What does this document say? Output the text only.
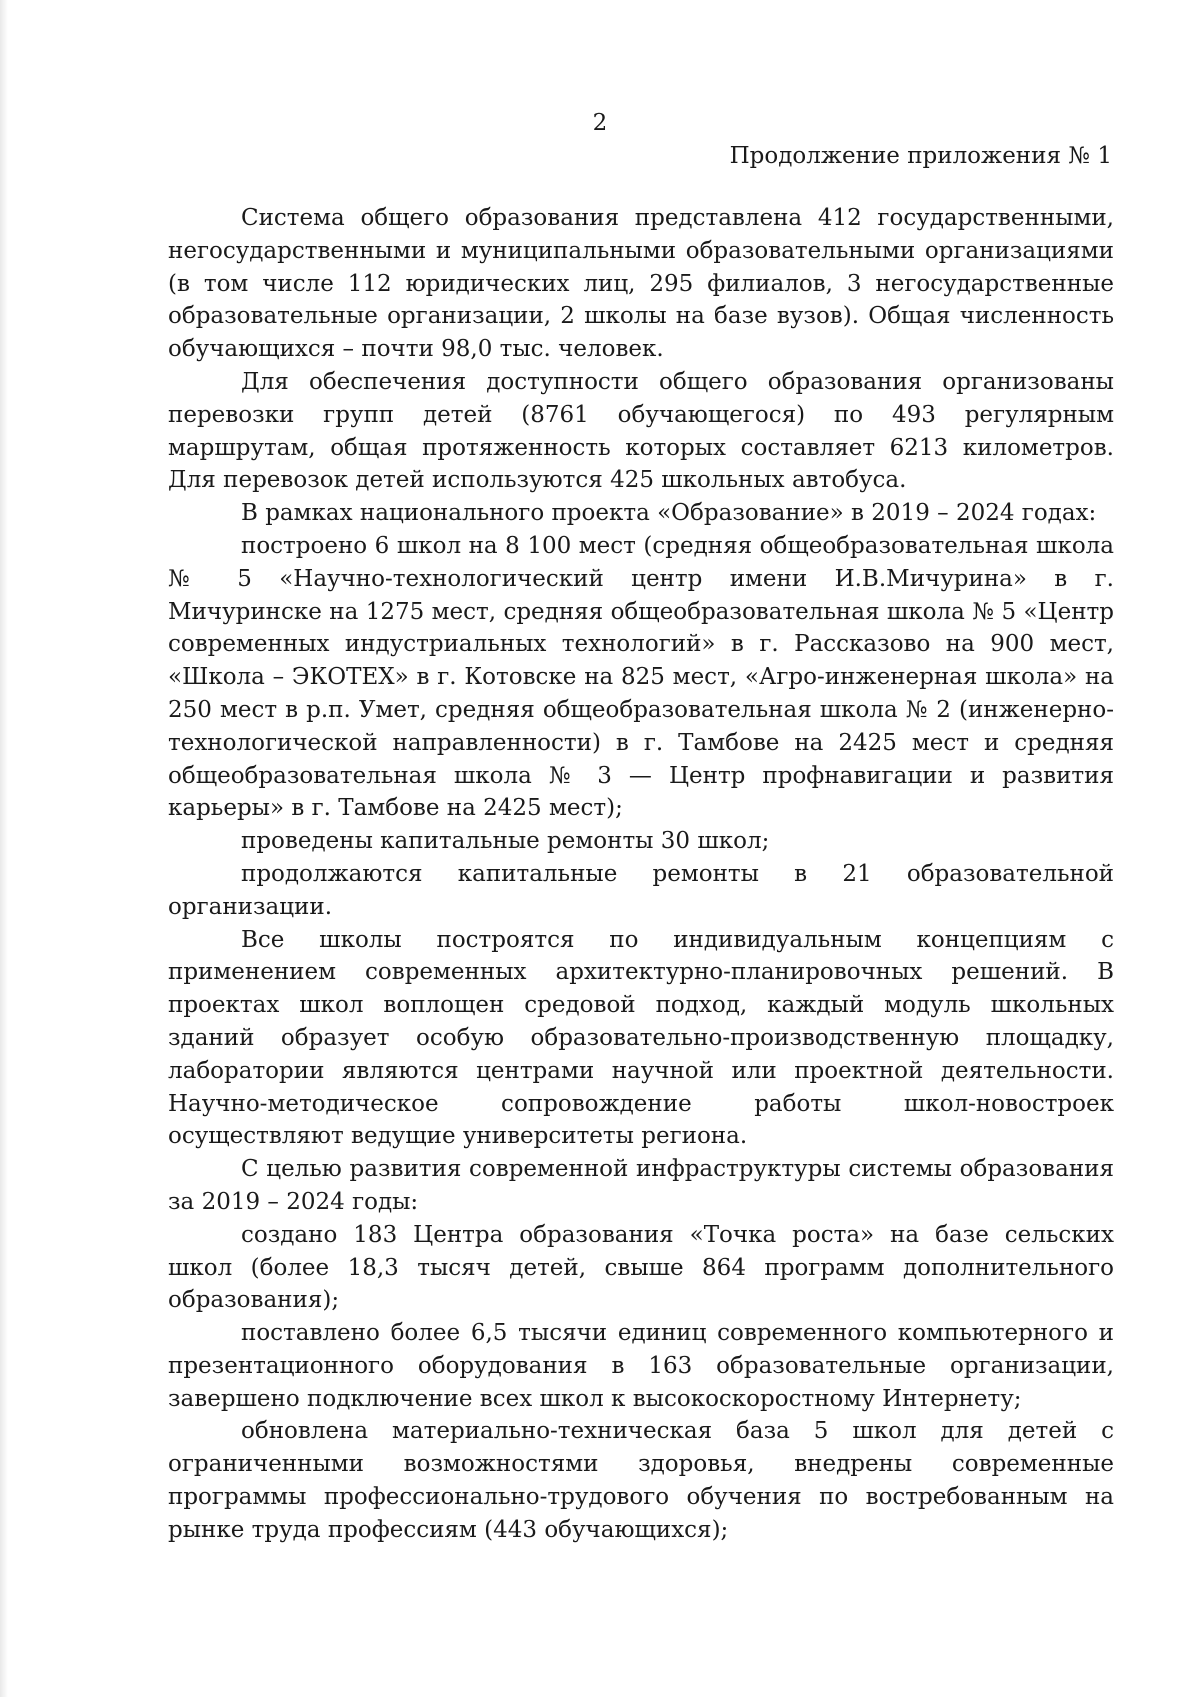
2
Продолжение приложения № 1

Система общего образования представлена 412 государственными, негосударственными и муниципальными образовательными организациями (в том числе 112 юридических лиц, 295 филиалов, 3 негосударственные образовательные организации, 2 школы на базе вузов). Общая численность обучающихся – почти 98,0 тыс. человек.

Для обеспечения доступности общего образования организованы перевозки групп детей (8761 обучающегося) по 493 регулярным маршрутам, общая протяженность которых составляет 6213 километров. Для перевозок детей используются 425 школьных автобуса.

В рамках национального проекта «Образование» в 2019 – 2024 годах:

построено 6 школ на 8 100 мест (средняя общеобразовательная школа № 5 «Научно-технологический центр имени И.В.Мичурина» в г. Мичуринске на 1275 мест, средняя общеобразовательная школа № 5 «Центр современных индустриальных технологий» в г. Рассказово на 900 мест, «Школа – ЭКОТЕХ» в г. Котовске на 825 мест, «Агро-инженерная школа» на 250 мест в р.п. Умет, средняя общеобразовательная школа № 2 (инженерно-технологической направленности) в г. Тамбове на 2425 мест и средняя общеобразовательная школа № 3 — Центр профнавигации и развития карьеры» в г. Тамбове на 2425 мест);

проведены капитальные ремонты 30 школ;

продолжаются капитальные ремонты в 21 образовательной организации.

Все школы построятся по индивидуальным концепциям с применением современных архитектурно-планировочных решений. В проектах школ воплощен средовой подход, каждый модуль школьных зданий образует особую образовательно-производственную площадку, лаборатории являются центрами научной или проектной деятельности. Научно-методическое сопровождение работы школ-новостроек осуществляют ведущие университеты региона.

С целью развития современной инфраструктуры системы образования за 2019 – 2024 годы:

создано 183 Центра образования «Точка роста» на базе сельских школ (более 18,3 тысяч детей, свыше 864 программ дополнительного образования);

поставлено более 6,5 тысячи единиц современного компьютерного и презентационного оборудования в 163 образовательные организации, завершено подключение всех школ к высокоскоростному Интернету;

обновлена материально-техническая база 5 школ для детей с ограниченными возможностями здоровья, внедрены современные программы профессионально-трудового обучения по востребованным на рынке труда профессиям (443 обучающихся);
